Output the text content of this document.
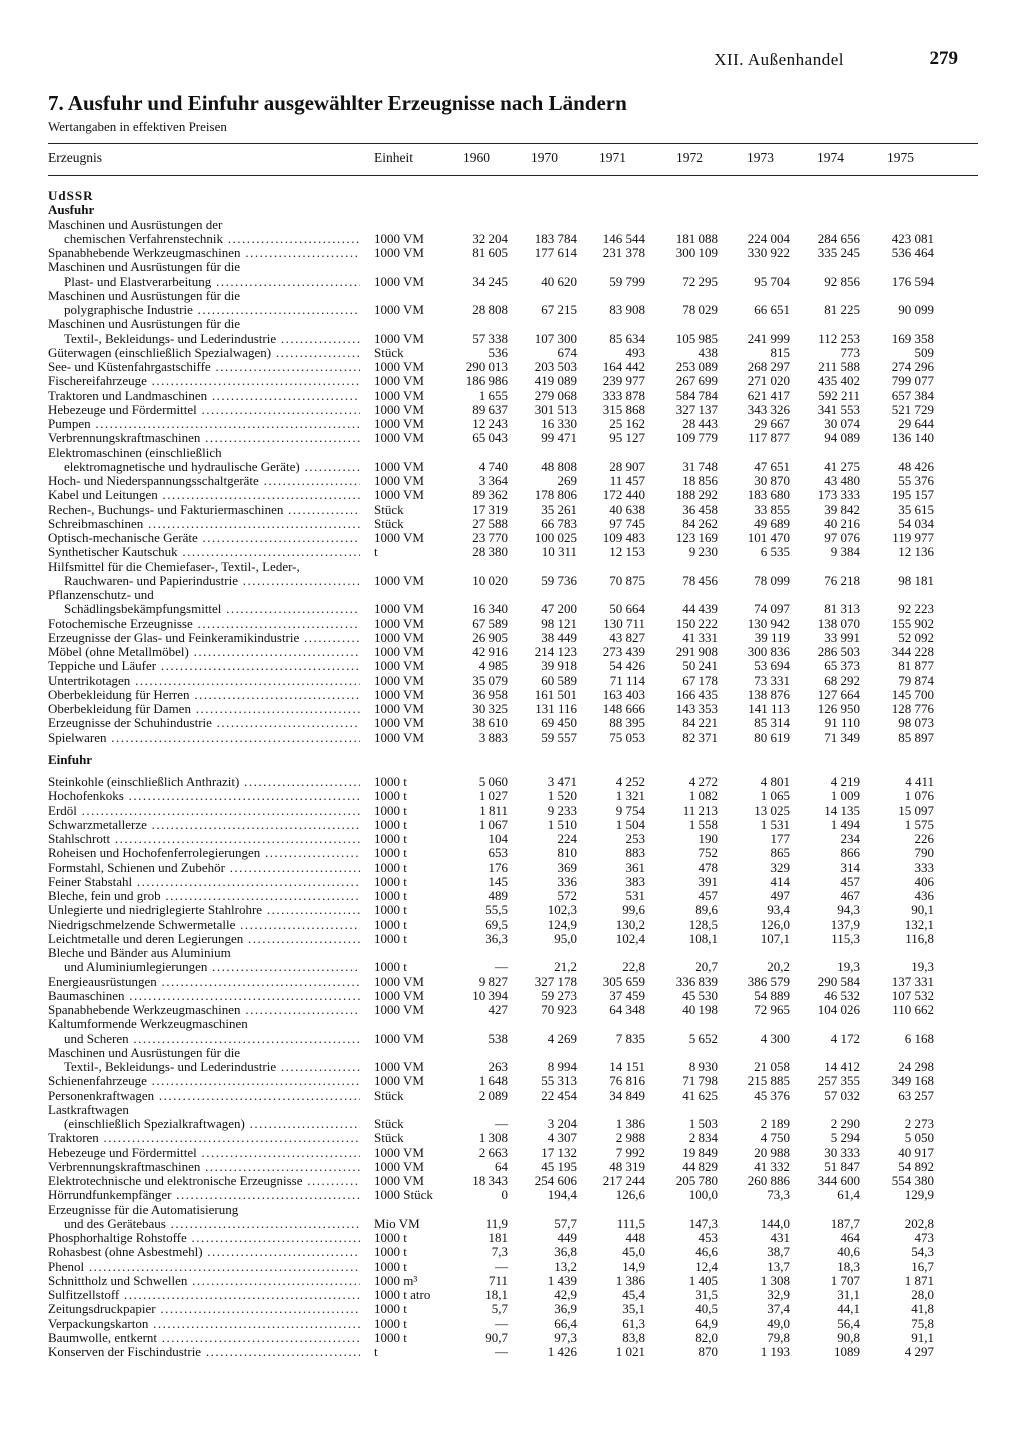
XII. Außenhandel	279
7. Ausfuhr und Einfuhr ausgewählter Erzeugnisse nach Ländern
Wertangaben in effektiven Preisen
Erzeugnis	Einheit	1960	1970	1971	1972	1973	1974	1975
UdSSR
Ausfuhr
Maschinen und Ausrüstungen der
chemischen Verfahrenstechnik .....	1000 VM	32 204	183 784	146 544	181 088	224 004	284 656	423 081
Spanabhebende Werkzeugmaschinen .....	1000 VM	81 605	177 614	231 378	300 109	330 922	335 245	536 464
Maschinen und Ausrüstungen für die
Plast- und Elastverarbeitung .....	1000 VM	34 245	40 620	59 799	72 295	95 704	92 856	176 594
Maschinen und Ausrüstungen für die
polygraphische Industrie .....	1000 VM	28 808	67 215	83 908	78 029	66 651	81 225	90 099
Maschinen und Ausrüstungen für die
Textil-, Bekleidungs- und Lederindustrie .....	1000 VM	57 338	107 300	85 634	105 985	241 999	112 253	169 358
Güterwagen (einschließlich Spezialwagen) .....	Stück	536	674	493	438	815	773	509
See- und Küstenfahrgastschiffe .....	1000 VM	290 013	203 503	164 442	253 089	268 297	211 588	274 296
Fischereifahrzeuge .....	1000 VM	186 986	419 089	239 977	267 699	271 020	435 402	799 077
Traktoren und Landmaschinen .....	1000 VM	1 655	279 068	333 878	584 784	621 417	592 211	657 384
Hebezeuge und Fördermittel .....	1000 VM	89 637	301 513	315 868	327 137	343 326	341 553	521 729
Pumpen .....	1000 VM	12 243	16 330	25 162	28 443	29 667	30 074	29 644
Verbrennungskraftmaschinen .....	1000 VM	65 043	99 471	95 127	109 779	117 877	94 089	136 140
Elektromaschinen (einschließlich
elektromagnetische und hydraulische Geräte) .....	1000 VM	4 740	48 808	28 907	31 748	47 651	41 275	48 426
Hoch- und Niederspannungsschaltgeräte .....	1000 VM	3 364	269	11 457	18 856	30 870	43 480	55 376
Kabel und Leitungen .....	1000 VM	89 362	178 806	172 440	188 292	183 680	173 333	195 157
Rechen-, Buchungs- und Fakturiermaschinen .....	Stück	17 319	35 261	40 638	36 458	33 855	39 842	35 615
Schreibmaschinen .....	Stück	27 588	66 783	97 745	84 262	49 689	40 216	54 034
Optisch-mechanische Geräte .....	1000 VM	23 770	100 025	109 483	123 169	101 470	97 076	119 977
Synthetischer Kautschuk .....	t	28 380	10 311	12 153	9 230	6 535	9 384	12 136
Hilfsmittel für die Chemiefaser-, Textil-, Leder-,
Rauchwaren- und Papierindustrie .....	1000 VM	10 020	59 736	70 875	78 456	78 099	76 218	98 181
Pflanzenschutz- und
Schädlingsbekämpfungsmittel .....	1000 VM	16 340	47 200	50 664	44 439	74 097	81 313	92 223
Fotochemische Erzeugnisse .....	1000 VM	67 589	98 121	130 711	150 222	130 942	138 070	155 902
Erzeugnisse der Glas- und Feinkeramikindustrie .....	1000 VM	26 905	38 449	43 827	41 331	39 119	33 991	52 092
Möbel (ohne Metallmöbel) .....	1000 VM	42 916	214 123	273 439	291 908	300 836	286 503	344 228
Teppiche und Läufer .....	1000 VM	4 985	39 918	54 426	50 241	53 694	65 373	81 877
Untertrikotagen .....	1000 VM	35 079	60 589	71 114	67 178	73 331	68 292	79 874
Oberbekleidung für Herren .....	1000 VM	36 958	161 501	163 403	166 435	138 876	127 664	145 700
Oberbekleidung für Damen .....	1000 VM	30 325	131 116	148 666	143 353	141 113	126 950	128 776
Erzeugnisse der Schuhindustrie .....	1000 VM	38 610	69 450	88 395	84 221	85 314	91 110	98 073
Spielwaren .....	1000 VM	3 883	59 557	75 053	82 371	80 619	71 349	85 897
Einfuhr
Steinkohle (einschließlich Anthrazit) .....	1000 t	5 060	3 471	4 252	4 272	4 801	4 219	4 411
Hochofenkoks .....	1000 t	1 027	1 520	1 321	1 082	1 065	1 009	1 076
Erdöl .....	1000 t	1 811	9 233	9 754	11 213	13 025	14 135	15 097
Schwarzmetallerze .....	1000 t	1 067	1 510	1 504	1 558	1 531	1 494	1 575
Stahlschrott .....	1000 t	104	224	253	190	177	234	226
Roheisen und Hochofenferrolegierungen .....	1000 t	653	810	883	752	865	866	790
Formstahl, Schienen und Zubehör .....	1000 t	176	369	361	478	329	314	333
Feiner Stabstahl .....	1000 t	145	336	383	391	414	457	406
Bleche, fein und grob .....	1000 t	489	572	531	457	497	467	436
Unlegierte und niedriglegierte Stahlrohre .....	1000 t	55,5	102,3	99,6	89,6	93,4	94,3	90,1
Niedrigschmelzende Schwermetalle .....	1000 t	69,5	124,9	130,2	128,5	126,0	137,9	132,1
Leichtmetalle und deren Legierungen .....	1000 t	36,3	95,0	102,4	108,1	107,1	115,3	116,8
Bleche und Bänder aus Aluminium
und Aluminiumlegierungen .....	1000 t	—	21,2	22,8	20,7	20,2	19,3	19,3
Energieausrüstungen .....	1000 VM	9 827	327 178	305 659	336 839	386 579	290 584	137 331
Baumaschinen .....	1000 VM	10 394	59 273	37 459	45 530	54 889	46 532	107 532
Spanabhebende Werkzeugmaschinen .....	1000 VM	427	70 923	64 348	40 198	72 965	104 026	110 662
Kaltumformende Werkzeugmaschinen
und Scheren .....	1000 VM	538	4 269	7 835	5 652	4 300	4 172	6 168
Maschinen und Ausrüstungen für die
Textil-, Bekleidungs- und Lederindustrie .....	1000 VM	263	8 994	14 151	8 930	21 058	14 412	24 298
Schienenfahrzeuge .....	1000 VM	1 648	55 313	76 816	71 798	215 885	257 355	349 168
Personenkraftwagen .....	Stück	2 089	22 454	34 849	41 625	45 376	57 032	63 257
Lastkraftwagen
(einschließlich Spezialkraftwagen) .....	Stück	—	3 204	1 386	1 503	2 189	2 290	2 273
Traktoren .....	Stück	1 308	4 307	2 988	2 834	4 750	5 294	5 050
Hebezeuge und Fördermittel .....	1000 VM	2 663	17 132	7 992	19 849	20 988	30 333	40 917
Verbrennungskraftmaschinen .....	1000 VM	64	45 195	48 319	44 829	41 332	51 847	54 892
Elektrotechnische und elektronische Erzeugnisse .....	1000 VM	18 343	254 606	217 244	205 780	260 886	344 600	554 380
Hörrundfunkempfänger .....	1000 Stück	0	194,4	126,6	100,0	73,3	61,4	129,9
Erzeugnisse für die Automatisierung
und des Gerätebaus .....	Mio VM	11,9	57,7	111,5	147,3	144,0	187,7	202,8
Phosphorhaltige Rohstoffe .....	1000 t	181	449	448	453	431	464	473
Rohasbest (ohne Asbestmehl) .....	1000 t	7,3	36,8	45,0	46,6	38,7	40,6	54,3
Phenol .....	1000 t	—	13,2	14,9	12,4	13,7	18,3	16,7
Schnittholz und Schwellen .....	1000 m³	711	1 439	1 386	1 405	1 308	1 707	1 871
Sulfitzellstoff .....	1000 t atro	18,1	42,9	45,4	31,5	32,9	31,1	28,0
Zeitungsdruckpapier .....	1000 t	5,7	36,9	35,1	40,5	37,4	44,1	41,8
Verpackungskarton .....	1000 t	—	66,4	61,3	64,9	49,0	56,4	75,8
Baumwolle, entkernt .....	1000 t	90,7	97,3	83,8	82,0	79,8	90,8	91,1
Konserven der Fischindustrie .....	t	—	1 426	1 021	870	1 193	1089	4 297
